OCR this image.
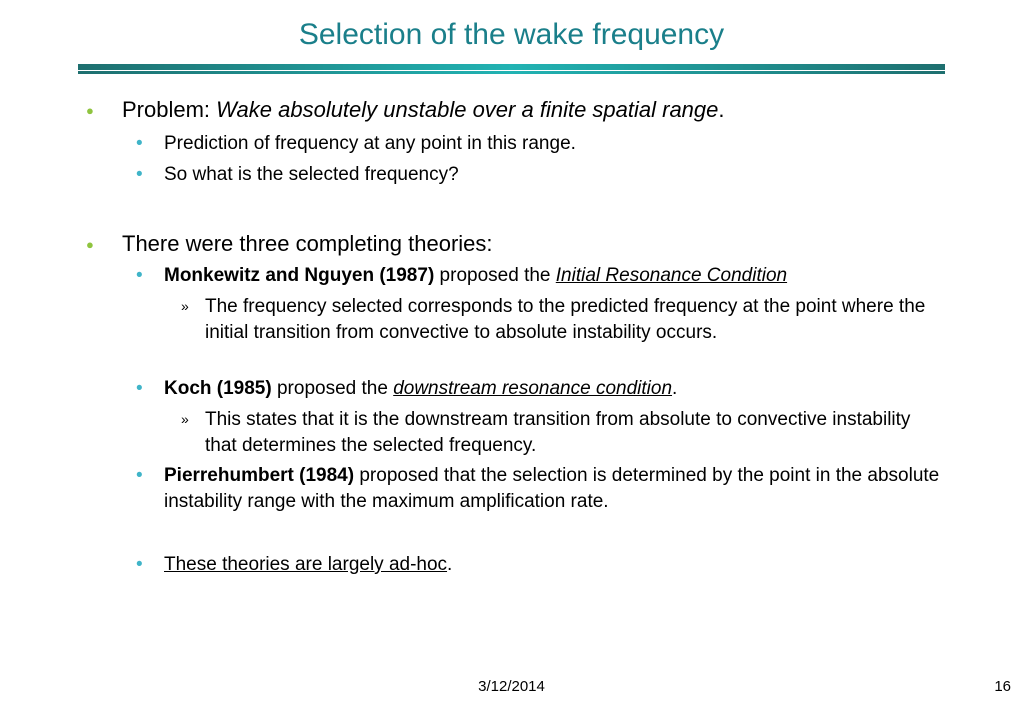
Selection of the wake frequency
● Problem: Wake absolutely unstable over a finite spatial range.
• Prediction of frequency at any point in this range.
• So what is the selected frequency?
● There were three completing theories:
• Monkewitz and Nguyen (1987) proposed the Initial Resonance Condition
» The frequency selected corresponds to the predicted frequency at the point where the initial transition from convective to absolute instability occurs.
• Koch (1985) proposed the downstream resonance condition.
» This states that it is the downstream transition from absolute to convective instability that determines the selected frequency.
• Pierrehumbert (1984) proposed that the selection is determined by the point in the absolute instability range with the maximum amplification rate.
• These theories are largely ad-hoc.
3/12/2014	16
